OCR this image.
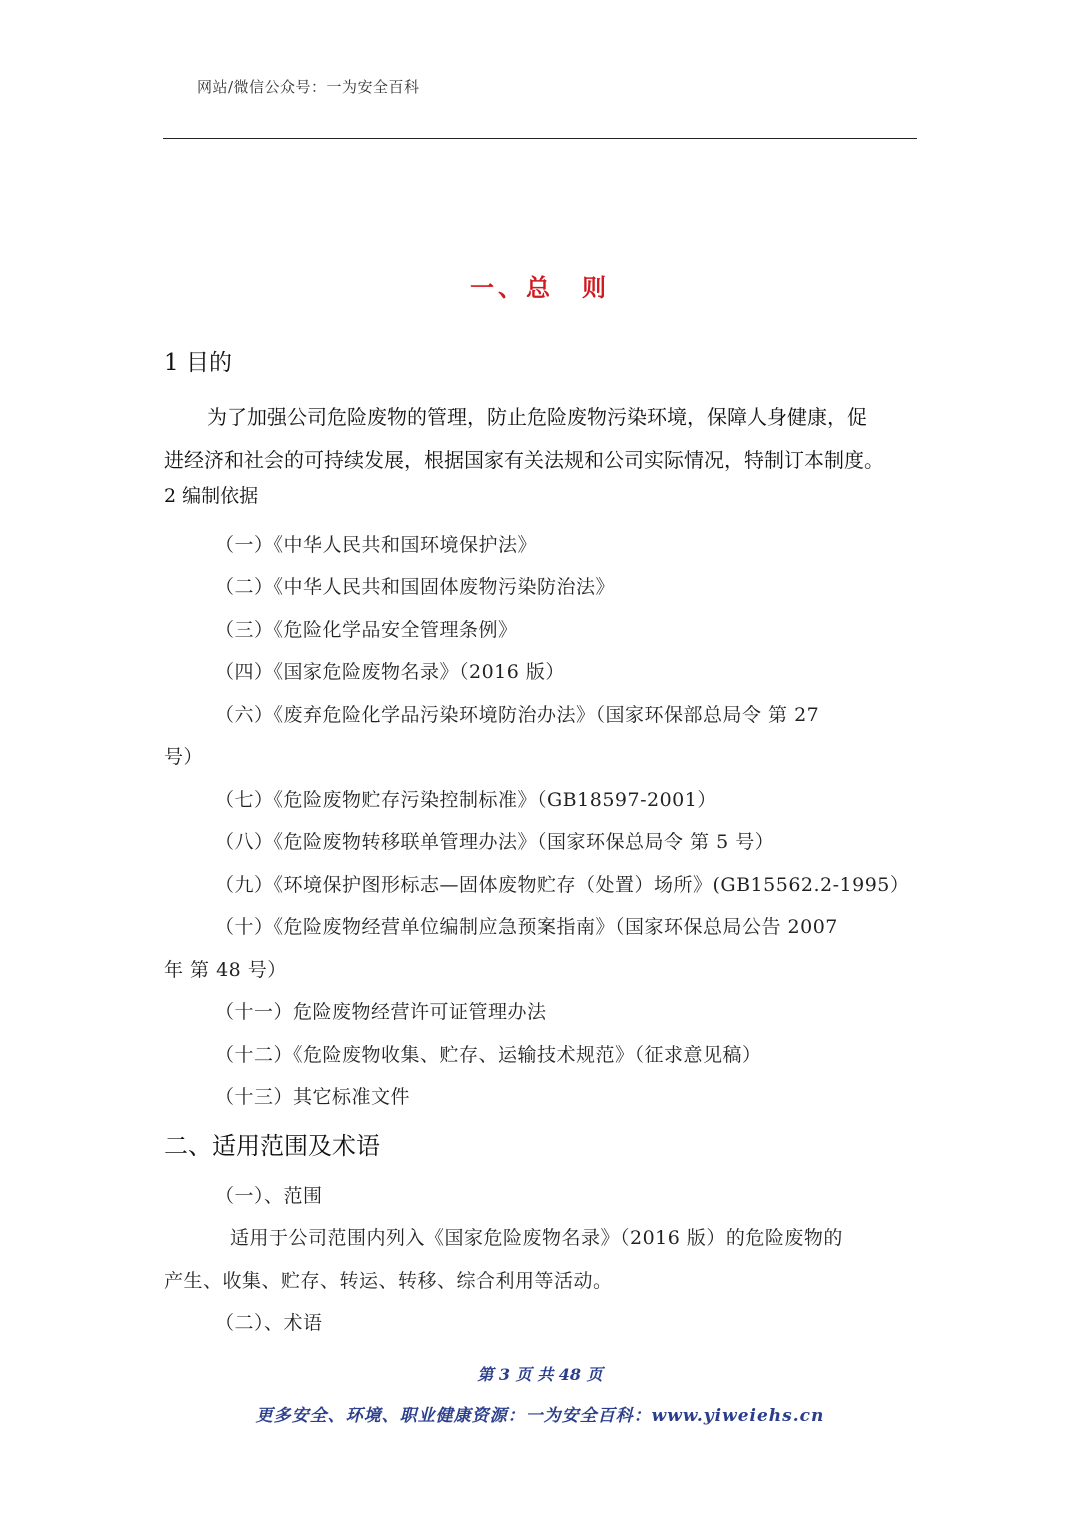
网站/微信公众号：一为安全百科
一、总　则
1 目的
为了加强公司危险废物的管理，防止危险废物污染环境，保障人身健康，促
进经济和社会的可持续发展，根据国家有关法规和公司实际情况，特制订本制度。
2 编制依据
（一）《中华人民共和国环境保护法》
（二）《中华人民共和国固体废物污染防治法》
（三）《危险化学品安全管理条例》
（四）《国家危险废物名录》（2016 版）
（六）《废弃危险化学品污染环境防治办法》（国家环保部总局令 第 27
号）
（七）《危险废物贮存污染控制标准》（GB18597-2001）
（八）《危险废物转移联单管理办法》（国家环保总局令 第 5 号）
（九）《环境保护图形标志—固体废物贮存（处置）场所》(GB15562.2-1995）
（十）《危险废物经营单位编制应急预案指南》（国家环保总局公告 2007
年 第 48 号）
（十一）危险废物经营许可证管理办法
（十二）《危险废物收集、贮存、运输技术规范》（征求意见稿）
（十三）其它标准文件
二、适用范围及术语
（一）、范围
适用于公司范围内列入《国家危险废物名录》（2016 版）的危险废物的
产生、收集、贮存、转运、转移、综合利用等活动。
（二）、术语
第 3 页 共 48 页
更多安全、环境、职业健康资源：一为安全百科：www.yiweiehs.cn
